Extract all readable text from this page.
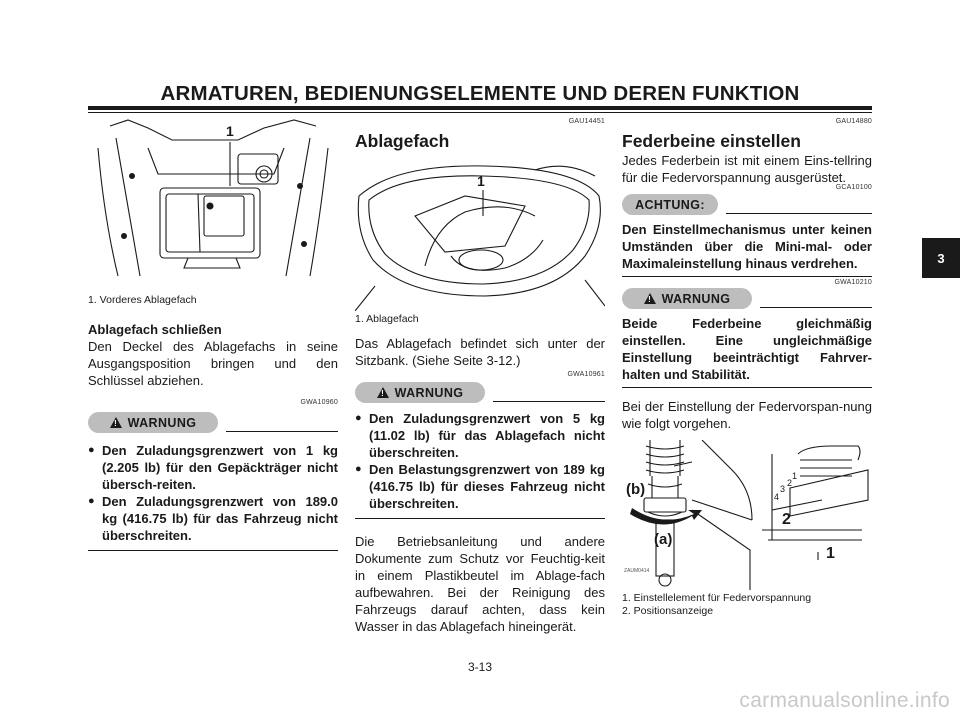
ARMATUREN, BEDIENUNGSELEMENTE UND DEREN FUNKTION
1
1. Vorderes Ablagefach
Ablagefach schließen
Den Deckel des Ablagefachs in seine Ausgangsposition bringen und den Schlüssel abziehen.
GWA10960
!
WARNUNG
● Den Zuladungsgrenzwert von 1 kg (2.205 lb) für den Gepäckträger nicht übersch-reiten.
● Den Zuladungsgrenzwert von 189.0 kg (416.75 lb) für das Fahrzeug nicht überschreiten.
GAU14451
Ablagefach
1
1. Ablagefach
Das Ablagefach befindet sich unter der Sitzbank. (Siehe Seite 3-12.)
GWA10961
!
WARNUNG
● Den Zuladungsgrenzwert von 5 kg (11.02 lb) für das Ablagefach nicht überschreiten.
● Den Belastungsgrenzwert von 189 kg (416.75 lb) für dieses Fahrzeug nicht überschreiten.
Die Betriebsanleitung und andere Dokumente zum Schutz vor Feuchtig-keit in einem Plastikbeutel im Ablage-fach aufbewahren. Bei der Reinigung des Fahrzeugs darauf achten, dass kein Wasser in das Ablagefach hineingerät.
GAU14880
Federbeine einstellen
Jedes Federbein ist mit einem Eins-tellring für die Federvorspannung ausgerüstet.
GCA10100
ACHTUNG:
Den Einstellmechanismus unter keinen Umständen über die Mini-mal- oder Maximaleinstellung hinaus verdrehen.
GWA10210
!
WARNUNG
Beide Federbeine gleichmäßig einstellen. Eine ungleichmäßige Einstellung beeinträchtigt Fahrver-halten und Stabilität.
Bei der Einstellung der Federvorspan-nung wie folgt vorgehen.
(b)
(a)
2
1
4
3
2
1
ZAUM0414
1. Einstellelement für Federvorspannung
2. Positionsanzeige
3
3-13
carmanualsonline.info
